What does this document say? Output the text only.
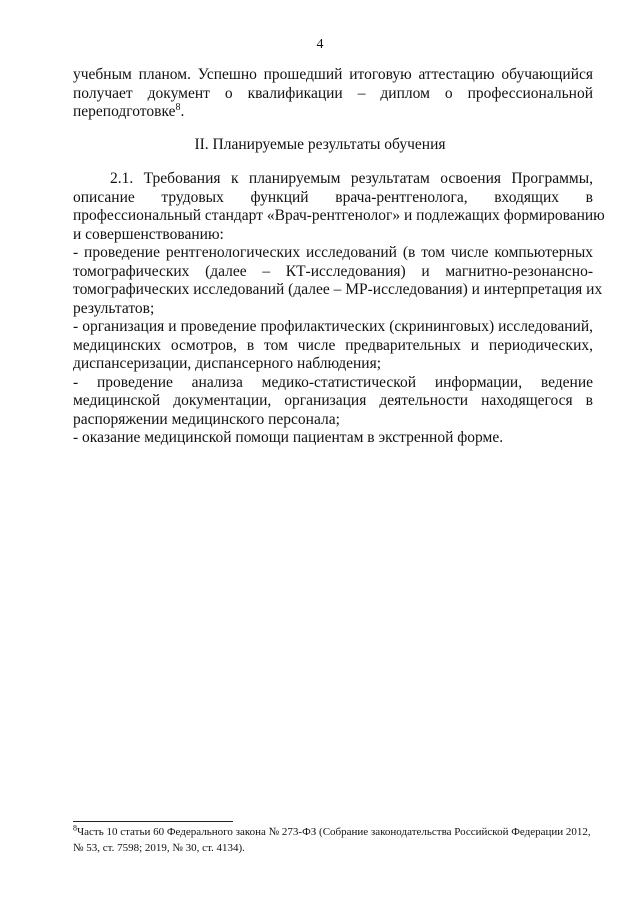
4
учебным планом. Успешно прошедший итоговую аттестацию обучающийся
получает документ о квалификации – диплом о профессиональной
переподготовке$^8$.
II. Планируемые результаты обучения
2.1. Требования к планируемым результатам освоения Программы,
описание трудовых функций врача-рентгенолога, входящих в
профессиональный стандарт «Врач-рентгенолог» и подлежащих формированию
и совершенствованию:
- проведение рентгенологических исследований (в том числе компьютерных
томографических (далее – КТ-исследования) и магнитно-резонансно-
томографических исследований (далее – МР-исследования) и интерпретация их
результатов;
- организация и проведение профилактических (скрининговых) исследований,
медицинских осмотров, в том числе предварительных и периодических,
диспансеризации, диспансерного наблюдения;
- проведение анализа медико-статистической информации, ведение
медицинской документации, организация деятельности находящегося в
распоряжении медицинского персонала;
- оказание медицинской помощи пациентам в экстренной форме.
$^8$Часть 10 статьи 60 Федерального закона № 273-ФЗ (Собрание законодательства Российской Федерации 2012,
№ 53, ст. 7598; 2019, № 30, ст. 4134).
